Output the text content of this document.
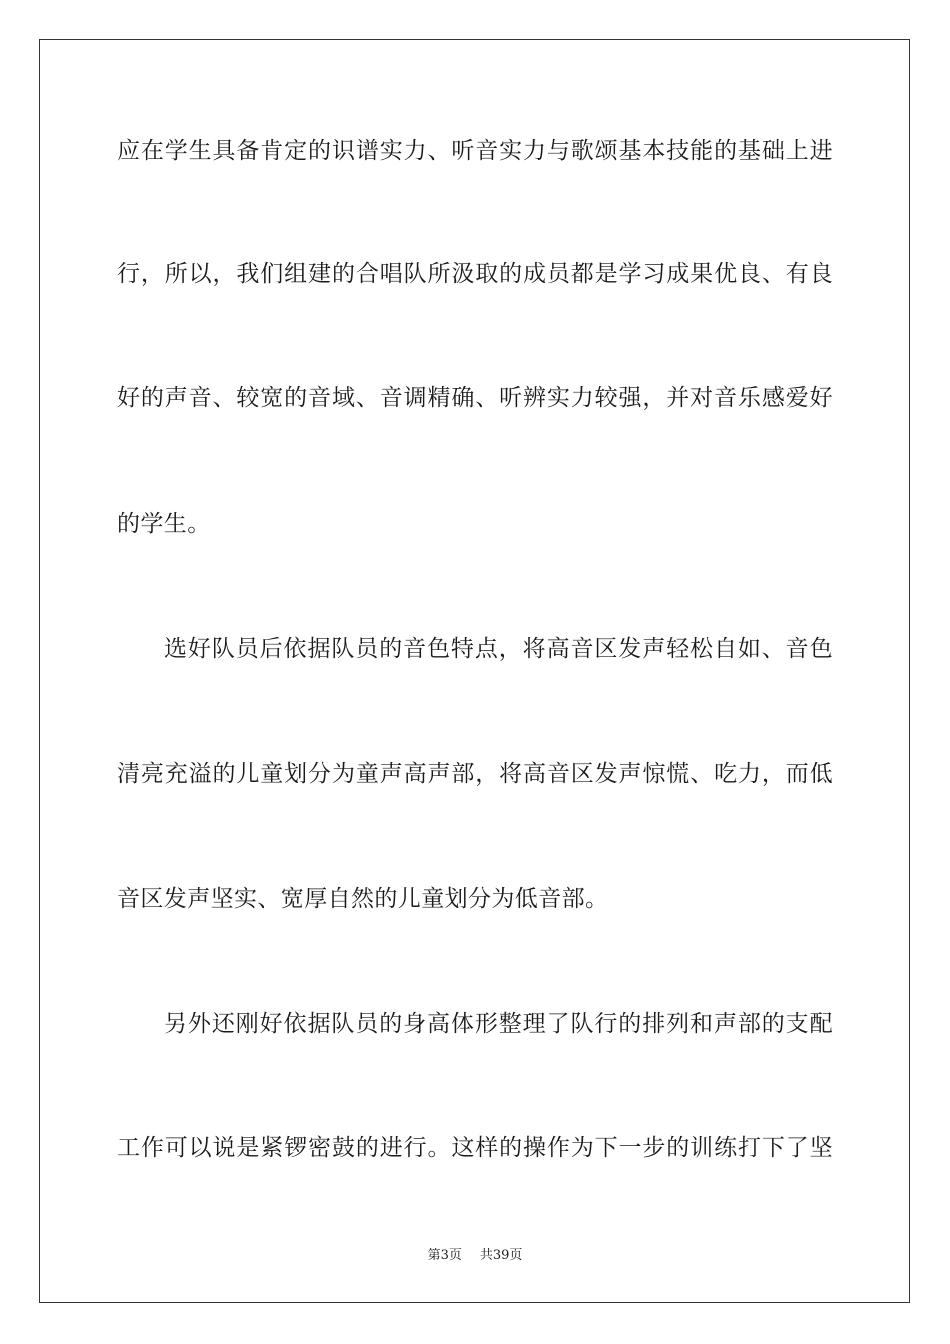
应在学生具备肯定的识谱实力、听音实力与歌颂基本技能的基础上进
行，所以，我们组建的合唱队所汲取的成员都是学习成果优良、有良
好的声音、较宽的音域、音调精确、听辨实力较强，并对音乐感爱好
的学生。
选好队员后依据队员的音色特点，将高音区发声轻松自如、音色
清亮充溢的儿童划分为童声高声部，将高音区发声惊慌、吃力，而低
音区发声坚实、宽厚自然的儿童划分为低音部。
另外还刚好依据队员的身高体形整理了队行的排列和声部的支配
工作可以说是紧锣密鼓的进行。这样的操作为下一步的训练打下了坚
第3页 共39页
